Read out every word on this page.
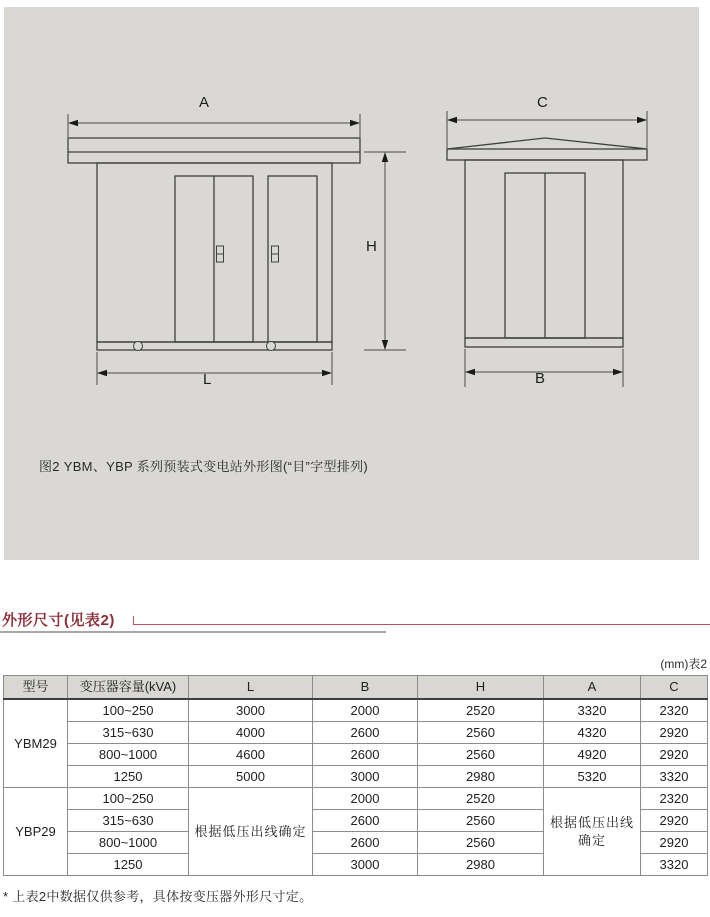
A	C
H
L	B
图2 YBM、YBP 系列预装式变电站外形图(“目”字型排列)
外形尺寸(见表2)
(mm)表2
型号	变压器容量(kVA)	L	B	H	A	C
YBM29	100~250	3000	2000	2520	3320	2320
	315~630	4000	2600	2560	4320	2920
	800~1000	4600	2600	2560	4920	2920
	1250	5000	3000	2980	5320	3320
YBP29	100~250	根据低压出线确定	2000	2520	根据低压出线确定	2320
	315~630		2600	2560		2920
	800~1000		2600	2560		2920
	1250		3000	2980		3320
* 上表2中数据仅供参考，具体按变压器外形尺寸定。
